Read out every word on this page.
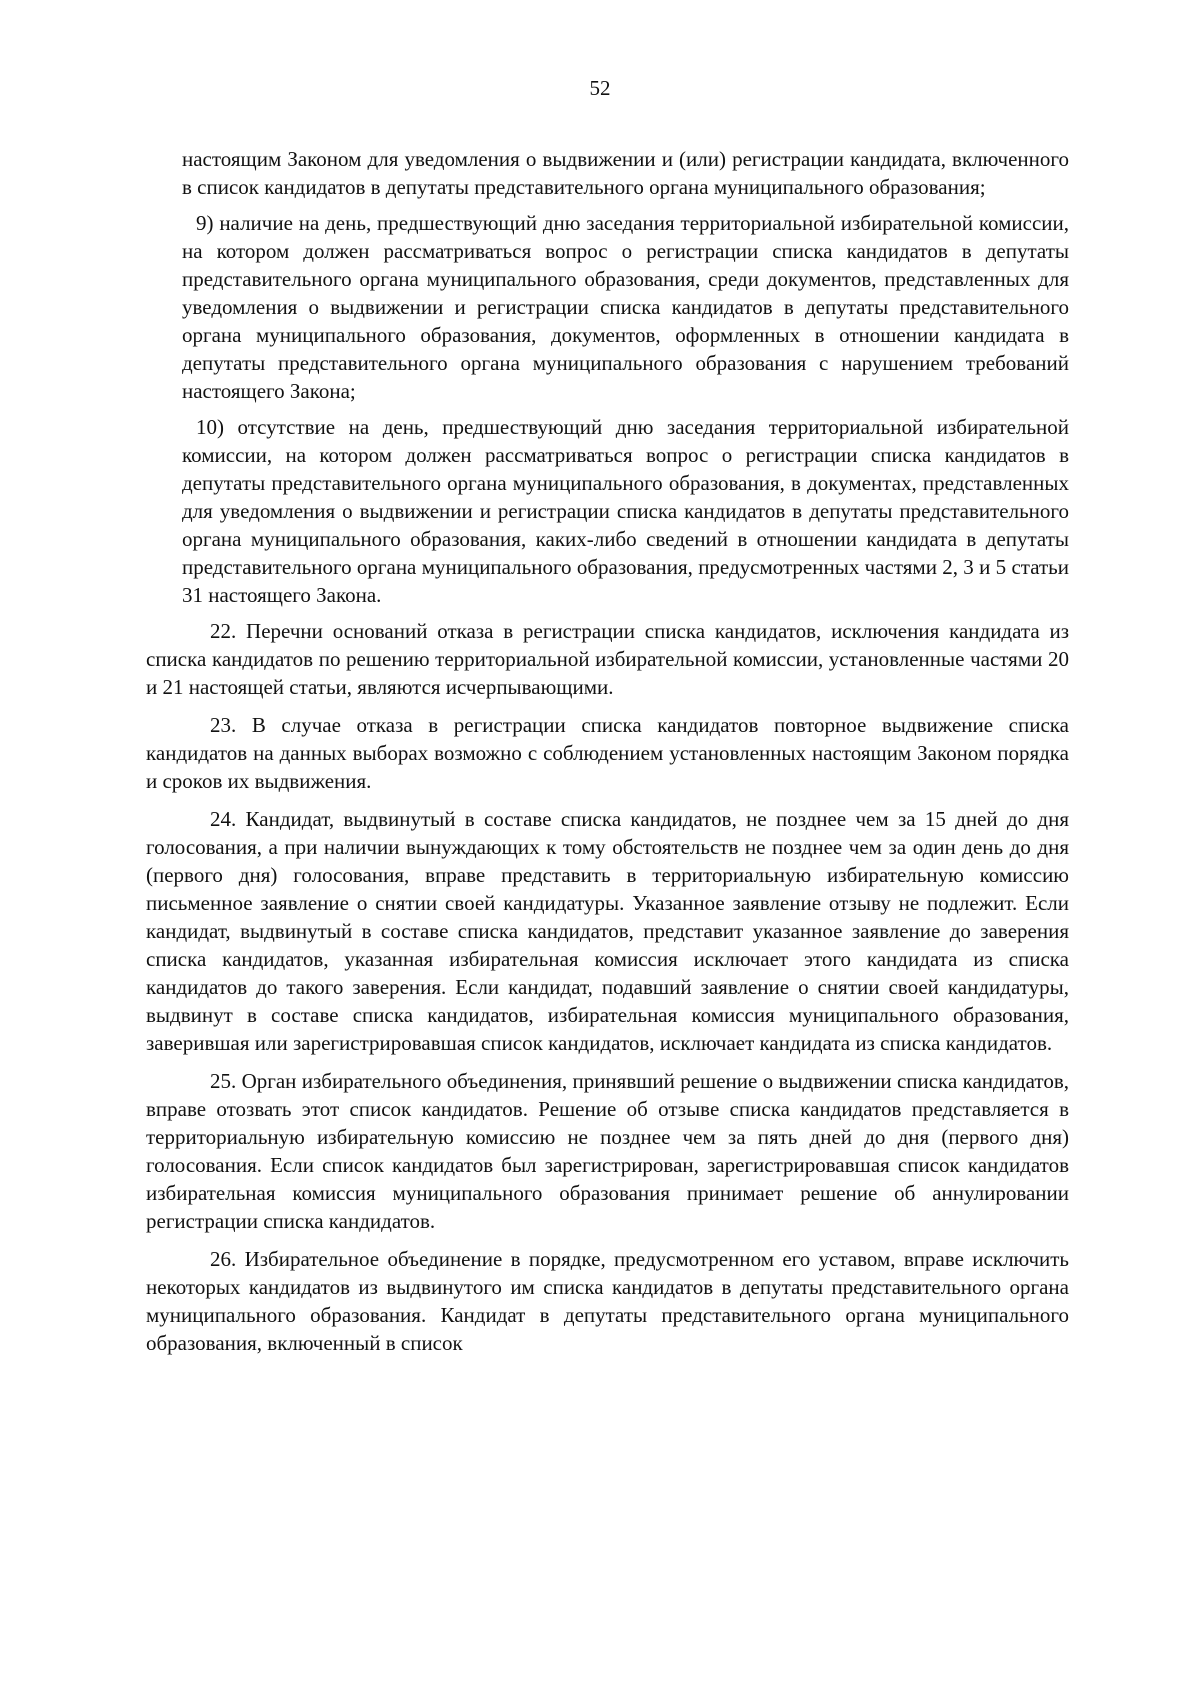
52

настоящим Законом для уведомления о выдвижении и (или) регистрации кандидата, включенного в список кандидатов в депутаты представительного органа муниципального образования;

9) наличие на день, предшествующий дню заседания территориальной избирательной комиссии, на котором должен рассматриваться вопрос о регистрации списка кандидатов в депутаты представительного органа муниципального образования, среди документов, представленных для уведомления о выдвижении и регистрации списка кандидатов в депутаты представительного органа муниципального образования, документов, оформленных в отношении кандидата в депутаты представительного органа муниципального образования с нарушением требований настоящего Закона;

10) отсутствие на день, предшествующий дню заседания территориальной избирательной комиссии, на котором должен рассматриваться вопрос о регистрации списка кандидатов в депутаты представительного органа муниципального образования, в документах, представленных для уведомления о выдвижении и регистрации списка кандидатов в депутаты представительного органа муниципального образования, каких-либо сведений в отношении кандидата в депутаты представительного органа муниципального образования, предусмотренных частями 2, 3 и 5 статьи 31 настоящего Закона.

22. Перечни оснований отказа в регистрации списка кандидатов, исключения кандидата из списка кандидатов по решению территориальной избирательной комиссии, установленные частями 20 и 21 настоящей статьи, являются исчерпывающими.

23. В случае отказа в регистрации списка кандидатов повторное выдвижение списка кандидатов на данных выборах возможно с соблюдением установленных настоящим Законом порядка и сроков их выдвижения.

24. Кандидат, выдвинутый в составе списка кандидатов, не позднее чем за 15 дней до дня голосования, а при наличии вынуждающих к тому обстоятельств не позднее чем за один день до дня (первого дня) голосования, вправе представить в территориальную избирательную комиссию письменное заявление о снятии своей кандидатуры. Указанное заявление отзыву не подлежит. Если кандидат, выдвинутый в составе списка кандидатов, представит указанное заявление до заверения списка кандидатов, указанная избирательная комиссия исключает этого кандидата из списка кандидатов до такого заверения. Если кандидат, подавший заявление о снятии своей кандидатуры, выдвинут в составе списка кандидатов, избирательная комиссия муниципального образования, заверившая или зарегистрировавшая список кандидатов, исключает кандидата из списка кандидатов.

25. Орган избирательного объединения, принявший решение о выдвижении списка кандидатов, вправе отозвать этот список кандидатов. Решение об отзыве списка кандидатов представляется в территориальную избирательную комиссию не позднее чем за пять дней до дня (первого дня) голосования. Если список кандидатов был зарегистрирован, зарегистрировавшая список кандидатов избирательная комиссия муниципального образования принимает решение об аннулировании регистрации списка кандидатов.

26. Избирательное объединение в порядке, предусмотренном его уставом, вправе исключить некоторых кандидатов из выдвинутого им списка кандидатов в депутаты представительного органа муниципального образования. Кандидат в депутаты представительного органа муниципального образования, включенный в список
